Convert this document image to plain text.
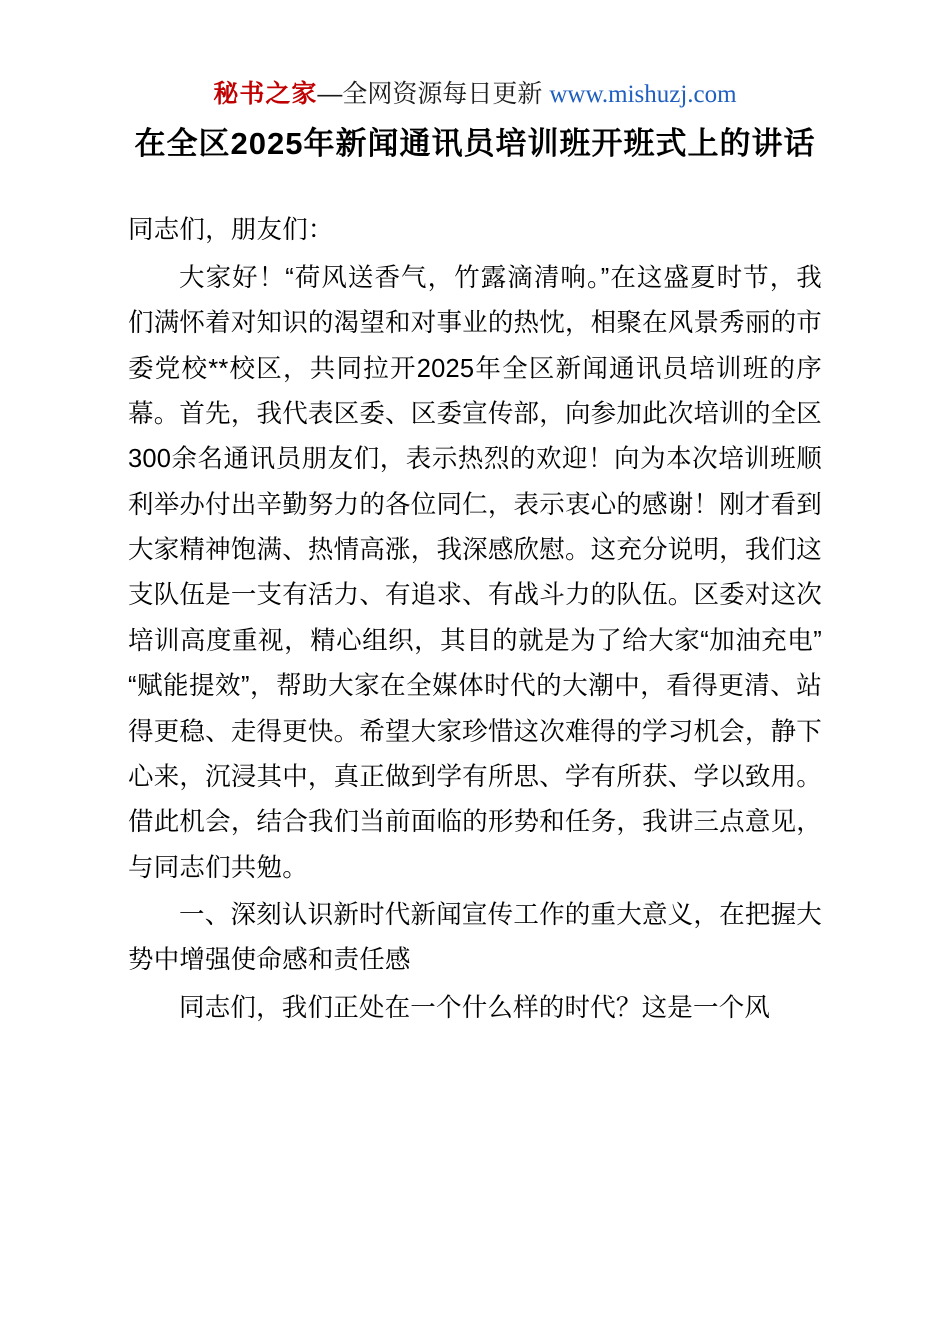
秘书之家—全网资源每日更新 www.mishuzj.com
在全区2025年新闻通讯员培训班开班式上的讲话

同志们，朋友们：

大家好！“荷风送香气，竹露滴清响。”在这盛夏时节，我们满怀着对知识的渴望和对事业的热忱，相聚在风景秀丽的市委党校**校区，共同拉开2025年全区新闻通讯员培训班的序幕。首先，我代表区委、区委宣传部，向参加此次培训的全区300余名通讯员朋友们，表示热烈的欢迎！向为本次培训班顺利举办付出辛勤努力的各位同仁，表示衷心的感谢！刚才看到大家精神饱满、热情高涨，我深感欣慰。这充分说明，我们这支队伍是一支有活力、有追求、有战斗力的队伍。区委对这次培训高度重视，精心组织，其目的就是为了给大家“加油充电”“赋能提效”，帮助大家在全媒体时代的大潮中，看得更清、站得更稳、走得更快。希望大家珍惜这次难得的学习机会，静下心来，沉浸其中，真正做到学有所思、学有所获、学以致用。借此机会，结合我们当前面临的形势和任务，我讲三点意见，与同志们共勉。

一、深刻认识新时代新闻宣传工作的重大意义，在把握大势中增强使命感和责任感

同志们，我们正处在一个什么样的时代？这是一个风
